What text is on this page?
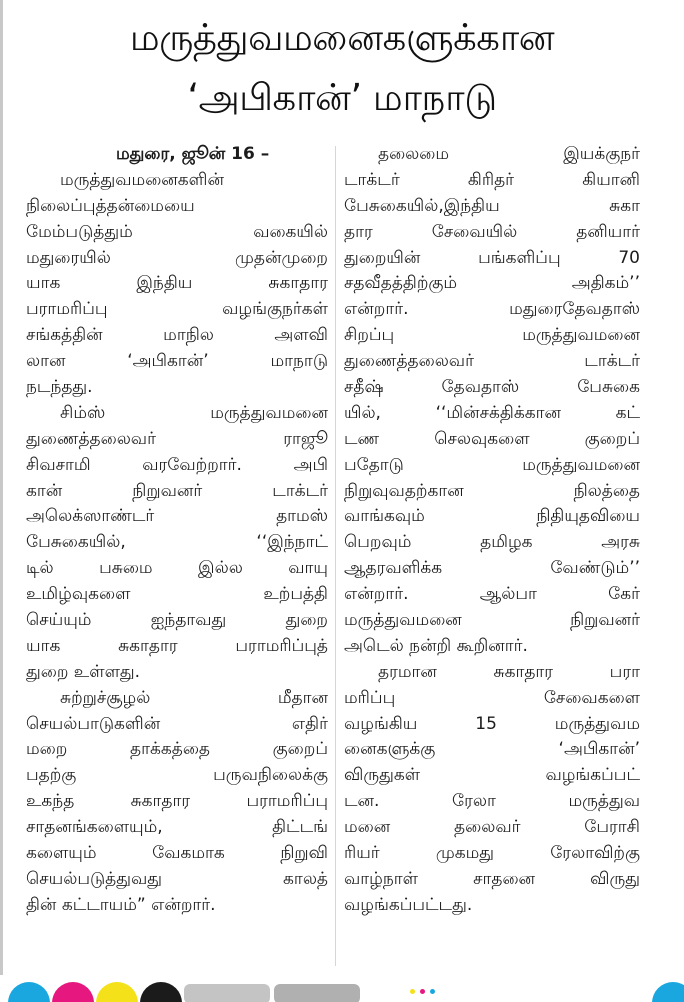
மருத்துவமனைகளுக்கான
‘அபிகான்’ மாநாடு
மதுரை, ஜூன் 16 –
மருத்துவமனைகளின்
நிலைப்புத்தன்மையை
மேம்படுத்தும் வகையில்
மதுரையில் முதன்முறை
யாக இந்திய சுகாதார
பராமரிப்பு வழங்குநர்கள்
சங்கத்தின் மாநில அளவி
லான ‘அபிகான்’ மாநாடு
நடந்தது.
சிம்ஸ் மருத்துவமனை
துணைத்தலைவர் ராஜூ
சிவசாமி வரவேற்றார். அபி
கான் நிறுவனர் டாக்டர்
அலெக்ஸாண்டர் தாமஸ்
பேசுகையில், ‘‘இந்நாட்
டில் பசுமை இல்ல வாயு
உமிழ்வுகளை உற்பத்தி
செய்யும் ஐந்தாவது துறை
யாக சுகாதார பராமரிப்புத்
துறை உள்ளது.
சுற்றுச்சூழல் மீதான
செயல்பாடுகளின் எதிர்
மறை தாக்கத்தை குறைப்
பதற்கு பருவநிலைக்கு
உகந்த சுகாதார பராமரிப்பு
சாதனங்களையும், திட்டங்
களையும் வேகமாக நிறுவி
செயல்படுத்துவது காலத்
தின் கட்டாயம்” என்றார்.
தலைமை இயக்குநர்
டாக்டர் கிரிதர் கியானி
பேசுகையில்,இந்திய சுகா
தார சேவையில் தனியார்
துறையின் பங்களிப்பு 70
சதவீதத்திற்கும் அதிகம்’’
என்றார். மதுரைதேவதாஸ்
சிறப்பு மருத்துவமனை
துணைத்தலைவர் டாக்டர்
சதீஷ் தேவதாஸ் பேசுகை
யில், ‘‘மின்சக்திக்கான கட்
டண செலவுகளை குறைப்
பதோடு மருத்துவமனை
நிறுவுவதற்கான நிலத்தை
வாங்கவும் நிதியுதவியை
பெறவும் தமிழக அரசு
ஆதரவளிக்க வேண்டும்’’
என்றார். ஆல்பா கேர்
மருத்துவமனை நிறுவனர்
அடெல் நன்றி கூறினார்.
தரமான சுகாதார பரா
மரிப்பு சேவைகளை
வழங்கிய 15 மருத்துவம
னைகளுக்கு ‘அபிகான்’
விருதுகள் வழங்கப்பட்
டன. ரேலா மருத்துவ
மனை தலைவர் பேராசி
ரியர் முகமது ரேலாவிற்கு
வாழ்நாள் சாதனை விருது
வழங்கப்பட்டது.
